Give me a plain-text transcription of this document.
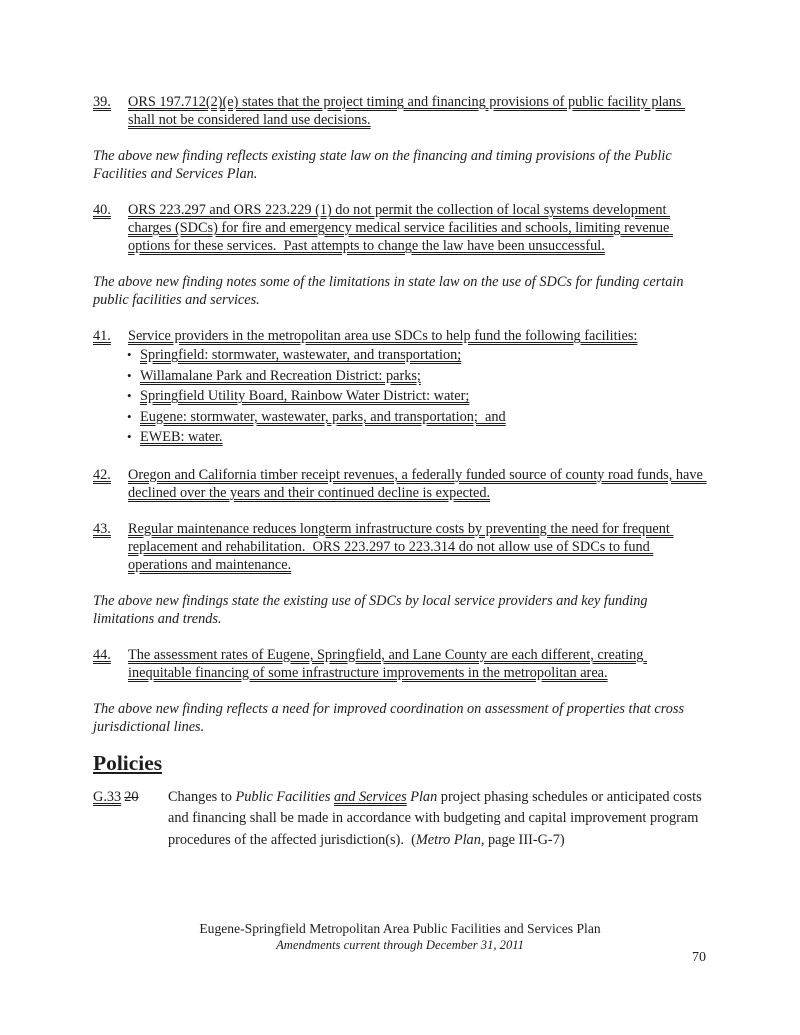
39.	ORS 197.712(2)(e) states that the project timing and financing provisions of public facility plans shall not be considered land use decisions.

The above new finding reflects existing state law on the financing and timing provisions of the Public Facilities and Services Plan.

40.	ORS 223.297 and ORS 223.229 (1) do not permit the collection of local systems development charges (SDCs) for fire and emergency medical service facilities and schools, limiting revenue options for these services.  Past attempts to change the law have been unsuccessful.

The above new finding notes some of the limitations in state law on the use of SDCs for funding certain public facilities and services.

41.	Service providers in the metropolitan area use SDCs to help fund the following facilities:
• Springfield: stormwater, wastewater, and transportation;
• Willamalane Park and Recreation District: parks;
• Springfield Utility Board, Rainbow Water District: water;
• Eugene: stormwater, wastewater, parks, and transportation;  and
• EWEB: water.
42.	Oregon and California timber receipt revenues, a federally funded source of county road funds, have declined over the years and their continued decline is expected.
43.	Regular maintenance reduces longterm infrastructure costs by preventing the need for frequent replacement and rehabilitation.  ORS 223.297 to 223.314 do not allow use of SDCs to fund operations and maintenance.

The above new findings state the existing use of SDCs by local service providers and key funding limitations and trends.

44.	The assessment rates of Eugene, Springfield, and Lane County are each different, creating inequitable financing of some infrastructure improvements in the metropolitan area.

The above new finding reflects a need for improved coordination on assessment of properties that cross jurisdictional lines.

Policies
G.33 20	Changes to Public Facilities and Services Plan project phasing schedules or anticipated costs and financing shall be made in accordance with budgeting and capital improvement program procedures of the affected jurisdiction(s).  (Metro Plan, page III-G-7)
Eugene-Springfield Metropolitan Area Public Facilities and Services Plan
Amendments current through December 31, 2011
70
